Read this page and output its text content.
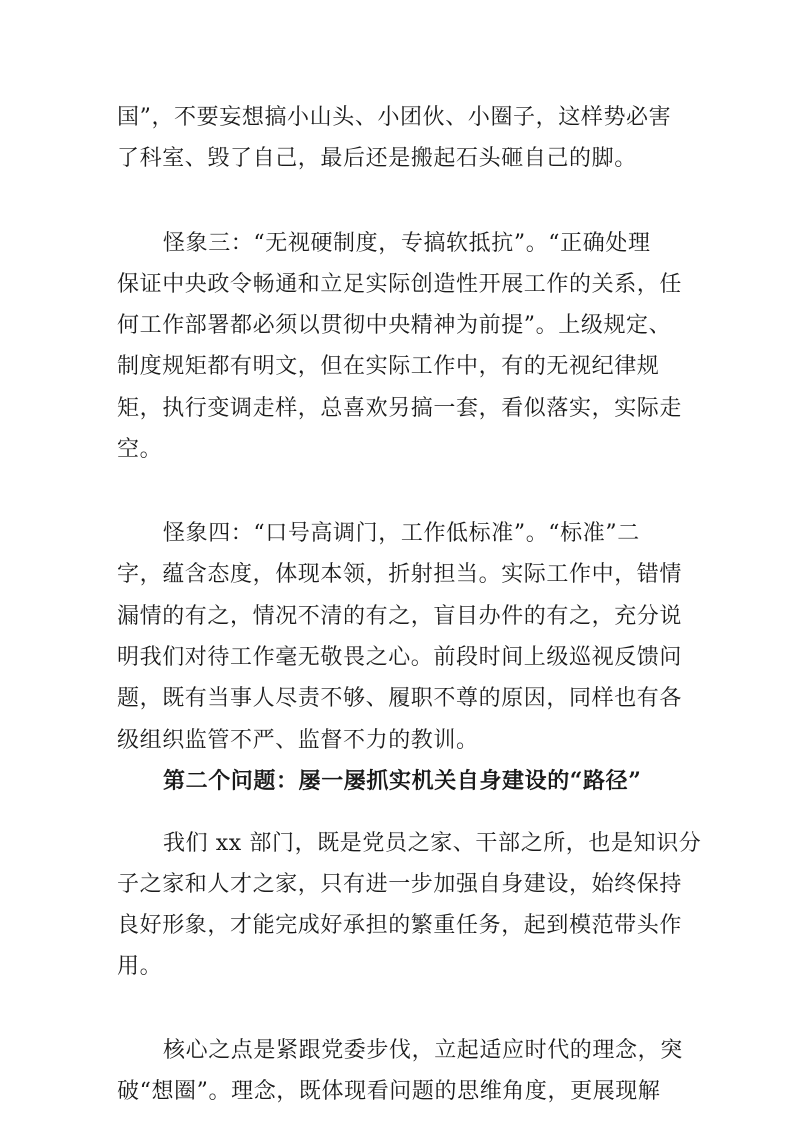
国”，不要妄想搞小山头、小团伙、小圈子，这样势必害
了科室、毁了自己，最后还是搬起石头砸自己的脚。
怪象三：“无视硬制度，专搞软抵抗”。“正确处理
保证中央政令畅通和立足实际创造性开展工作的关系，任
何工作部署都必须以贯彻中央精神为前提”。上级规定、
制度规矩都有明文，但在实际工作中，有的无视纪律规
矩，执行变调走样，总喜欢另搞一套，看似落实，实际走
空。
怪象四：“口号高调门，工作低标准”。“标准”二
字，蕴含态度，体现本领，折射担当。实际工作中，错情
漏情的有之，情况不清的有之，盲目办件的有之，充分说
明我们对待工作毫无敬畏之心。前段时间上级巡视反馈问
题，既有当事人尽责不够、履职不尊的原因，同样也有各
级组织监管不严、监督不力的教训。
第二个问题：屡一屡抓实机关自身建设的“路径”
我们 xx 部门，既是党员之家、干部之所，也是知识分
子之家和人才之家，只有进一步加强自身建设，始终保持
良好形象，才能完成好承担的繁重任务，起到模范带头作
用。
核心之点是紧跟党委步伐，立起适应时代的理念，突
破“想圈”。理念，既体现看问题的思维角度，更展现解
